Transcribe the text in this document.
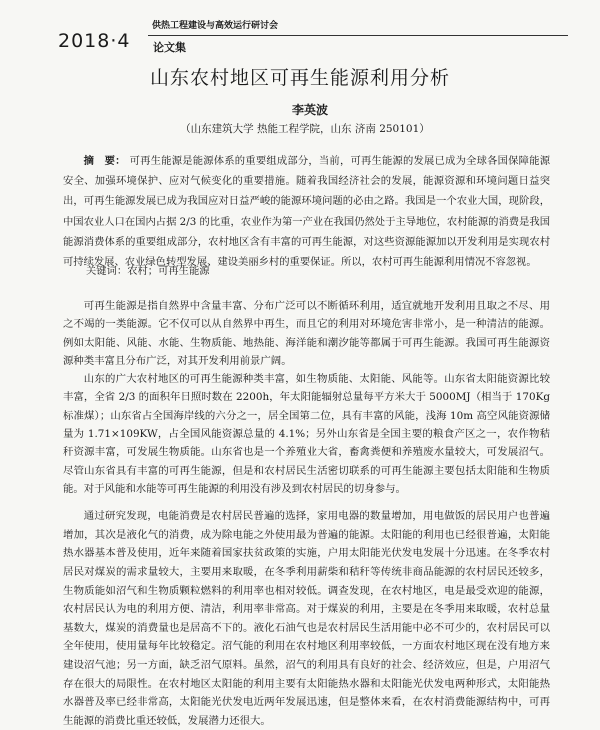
2018·4
供热工程建设与高效运行研讨会
论文集
山东农村地区可再生能源利用分析
李英波
（山东建筑大学 热能工程学院，山东 济南 250101）

摘　要： 可再生能源是能源体系的重要组成部分，当前，可再生能源的发展已成为全球各国保障能源安全、加强环境保护、应对气候变化的重要措施。随着我国经济社会的发展，能源资源和环境问题日益突出，可再生能源发展已成为我国应对日益严峻的能源环境问题的必由之路。我国是一个农业大国，现阶段，中国农业人口在国内占据 2/3 的比重，农业作为第一产业在我国仍然处于主导地位，农村能源的消费是我国能源消费体系的重要组成部分，农村地区含有丰富的可再生能源，对这些资源能源加以开发利用是实现农村可持续发展、农业绿色转型发展、建设美丽乡村的重要保证。所以，农村可再生能源利用情况不容忽视。

关键词：农村；可再生能源

可再生能源是指自然界中含量丰富、分布广泛可以不断循环利用，适宜就地开发利用且取之不尽、用之不竭的一类能源。它不仅可以从自然界中再生，而且它的利用对环境危害非常小，是一种清洁的能源。例如太阳能、风能、水能、生物质能、地热能、海洋能和潮汐能等都属于可再生能源。我国可再生能源资源种类丰富且分布广泛，对其开发利用前景广阔。

山东的广大农村地区的可再生能源种类丰富，如生物质能、太阳能、风能等。山东省太阳能资源比较丰富，全省 2/3 的面积年日照时数在 2200h，年太阳能辐射总量每平方米大于 5000MJ（相当于 170Kg 标准煤）；山东省占全国海岸线的六分之一，居全国第二位，具有丰富的风能，浅海 10m 高空风能资源储量为 1.71×109KW，占全国风能资源总量的 4.1%；另外山东省是全国主要的粮食产区之一，农作物秸秆资源丰富，可发展生物质能。山东省也是一个养殖业大省，畜禽粪便和养殖废水量较大，可发展沼气。尽管山东省具有丰富的可再生能源，但是和农村居民生活密切联系的可再生能源主要包括太阳能和生物质能。对于风能和水能等可再生能源的利用没有涉及到农村居民的切身参与。

通过研究发现，电能消费是农村居民普遍的选择，家用电器的数量增加，用电做饭的居民用户也普遍增加，其次是液化气的消费，成为除电能之外使用最为普遍的能源。太阳能的利用也已经很普遍，太阳能热水器基本普及使用，近年来随着国家扶贫政策的实施，户用太阳能光伏发电发展十分迅速。在冬季农村居民对煤炭的需求量较大，主要用来取暖，在冬季利用薪柴和秸秆等传统非商品能源的农村居民还较多，生物质能如沼气和生物质颗粒燃料的利用率也相对较低。调查发现，在农村地区，电是最受欢迎的能源，农村居民认为电的利用方便、清洁，利用率非常高。对于煤炭的利用，主要是在冬季用来取暖，农村总量基数大，煤炭的消费量也是居高不下的。液化石油气也是农村居民生活用能中必不可少的，农村居民可以全年使用，使用量每年比较稳定。沼气能的利用在农村地区利用率较低，一方面农村地区现在没有地方来建设沼气池；另一方面，缺乏沼气原料。虽然，沼气的利用具有良好的社会、经济效应，但是，户用沼气存在很大的局限性。在农村地区太阳能的利用主要有太阳能热水器和太阳能光伏发电两种形式，太阳能热水器普及率已经非常高，太阳能光伏发电近两年发展迅速，但是整体来看，在农村消费能源结构中，可再生能源的消费比重还较低，发展潜力还很大。
